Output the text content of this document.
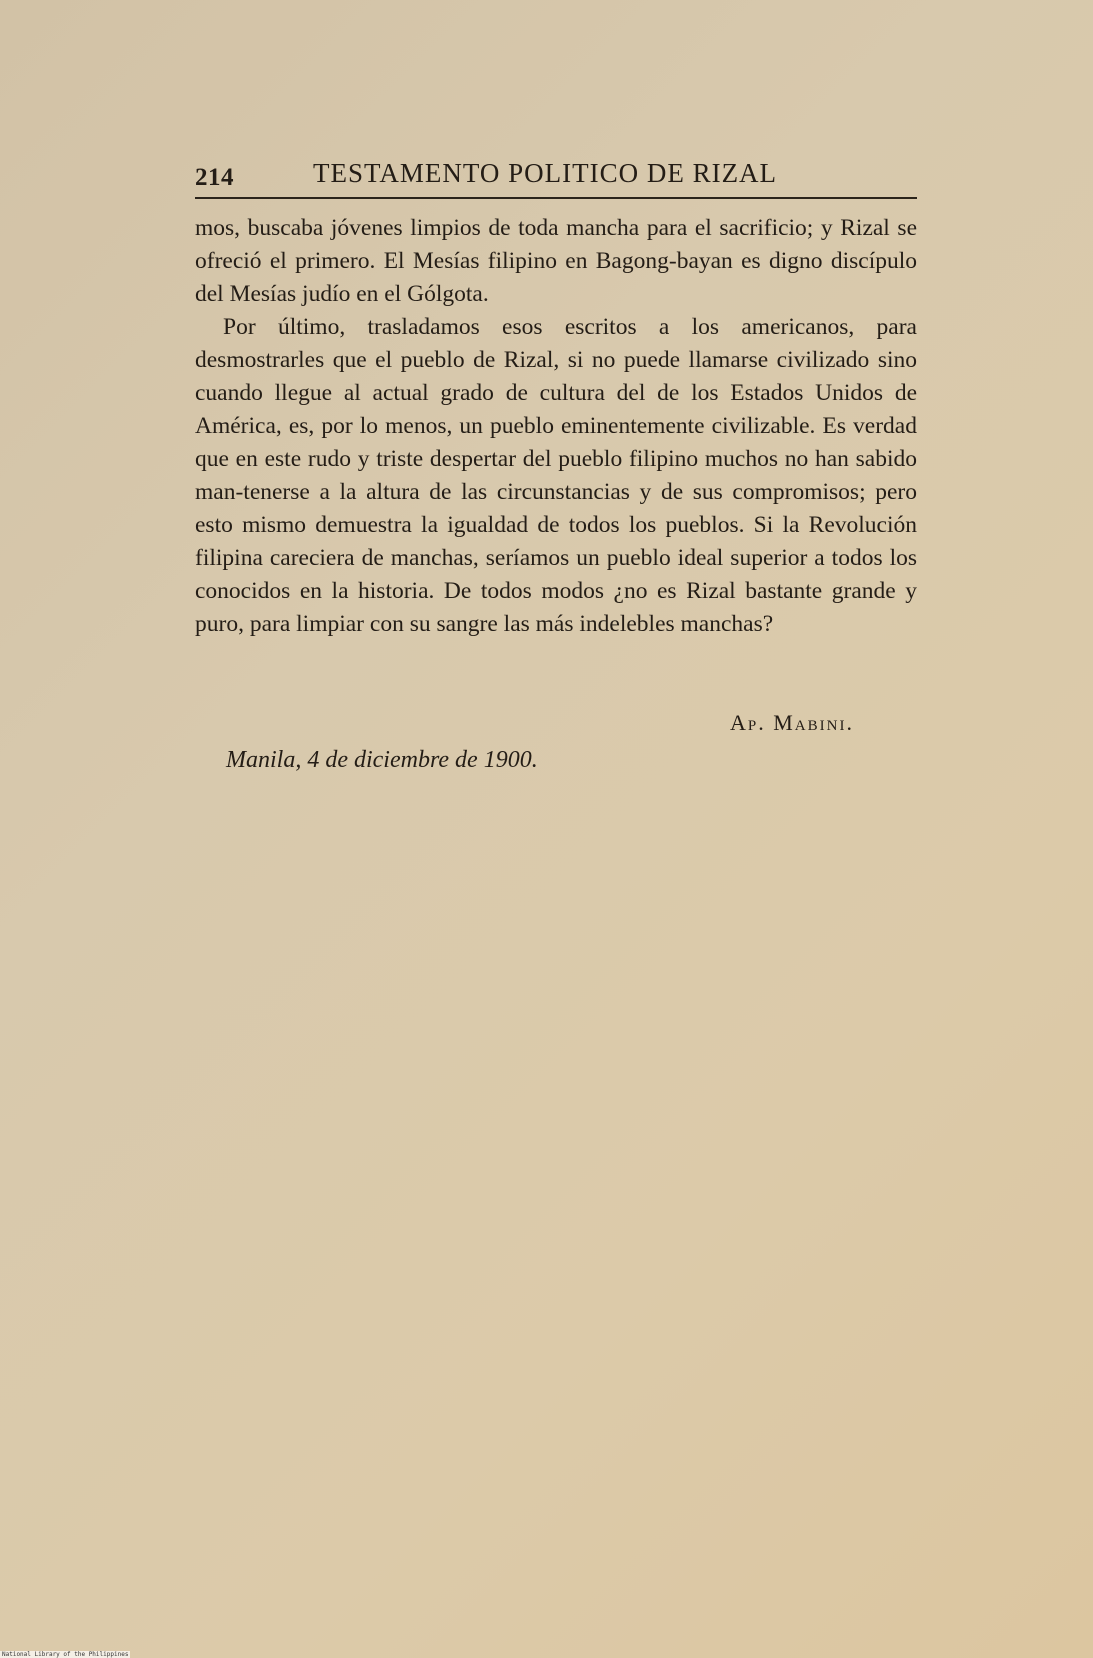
214	TESTAMENTO POLITICO DE RIZAL

mos, buscaba jóvenes limpios de toda mancha para el sacrificio; y Rizal se ofreció el primero. El Mesías filipino en Bagong-bayan es digno discípulo del Mesías judío en el Gólgota.

Por último, trasladamos esos escritos a los americanos, para desmostrarles que el pueblo de Rizal, si no puede llamarse civilizado sino cuando llegue al actual grado de cultura del de los Estados Unidos de América, es, por lo menos, un pueblo eminentemente civilizable. Es verdad que en este rudo y triste despertar del pueblo filipino muchos no han sabido man-tenerse a la altura de las circunstancias y de sus compromisos; pero esto mismo demuestra la igualdad de todos los pueblos. Si la Revolución filipina careciera de manchas, seríamos un pueblo ideal superior a todos los conocidos en la historia. De todos modos ¿no es Rizal bastante grande y puro, para limpiar con su sangre las más indelebles manchas?

Ap. Mabini.
Manila, 4 de diciembre de 1900.
National Library of the Philippines
